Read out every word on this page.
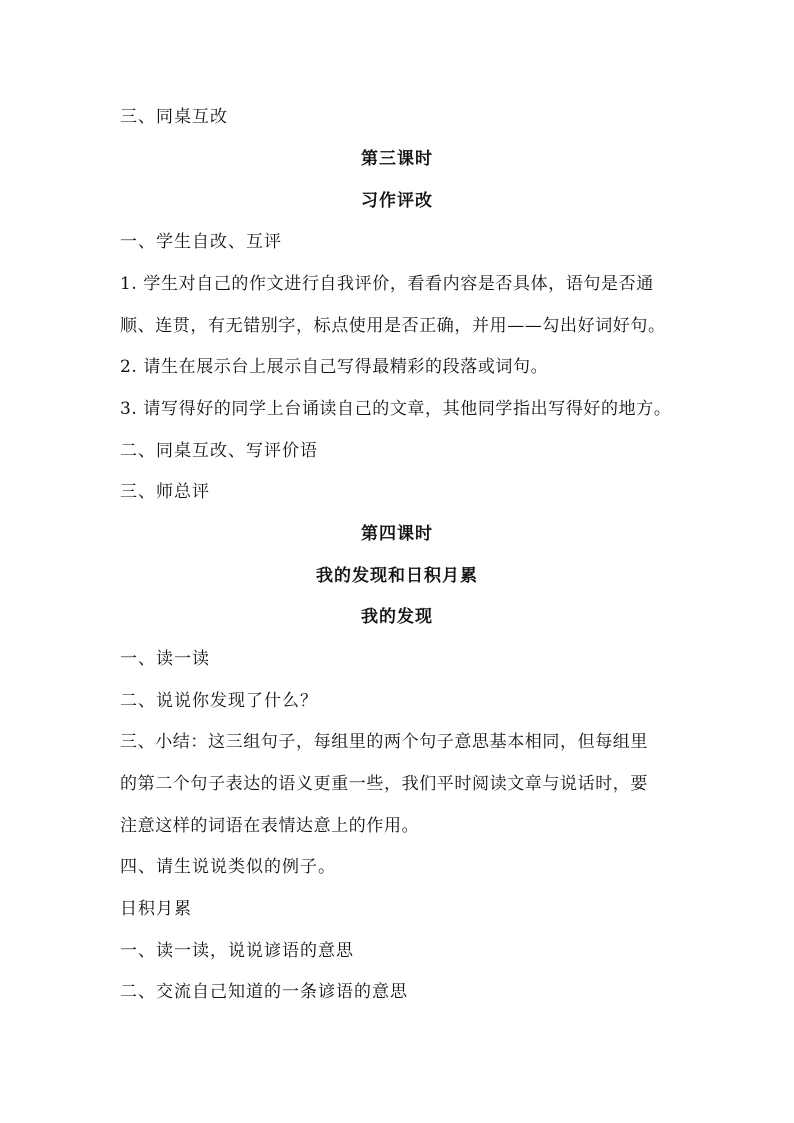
三、同桌互改
第三课时
习作评改
一、学生自改、互评
1. 学生对自己的作文进行自我评价，看看内容是否具体，语句是否通
顺、连贯，有无错别字，标点使用是否正确，并用——勾出好词好句。
2. 请生在展示台上展示自己写得最精彩的段落或词句。
3. 请写得好的同学上台诵读自己的文章，其他同学指出写得好的地方。
二、同桌互改、写评价语
三、师总评
第四课时
我的发现和日积月累
我的发现
一、读一读
二、说说你发现了什么？
三、小结：这三组句子，每组里的两个句子意思基本相同，但每组里
的第二个句子表达的语义更重一些，我们平时阅读文章与说话时，要
注意这样的词语在表情达意上的作用。
四、请生说说类似的例子。
日积月累
一、读一读，说说谚语的意思
二、交流自己知道的一条谚语的意思
